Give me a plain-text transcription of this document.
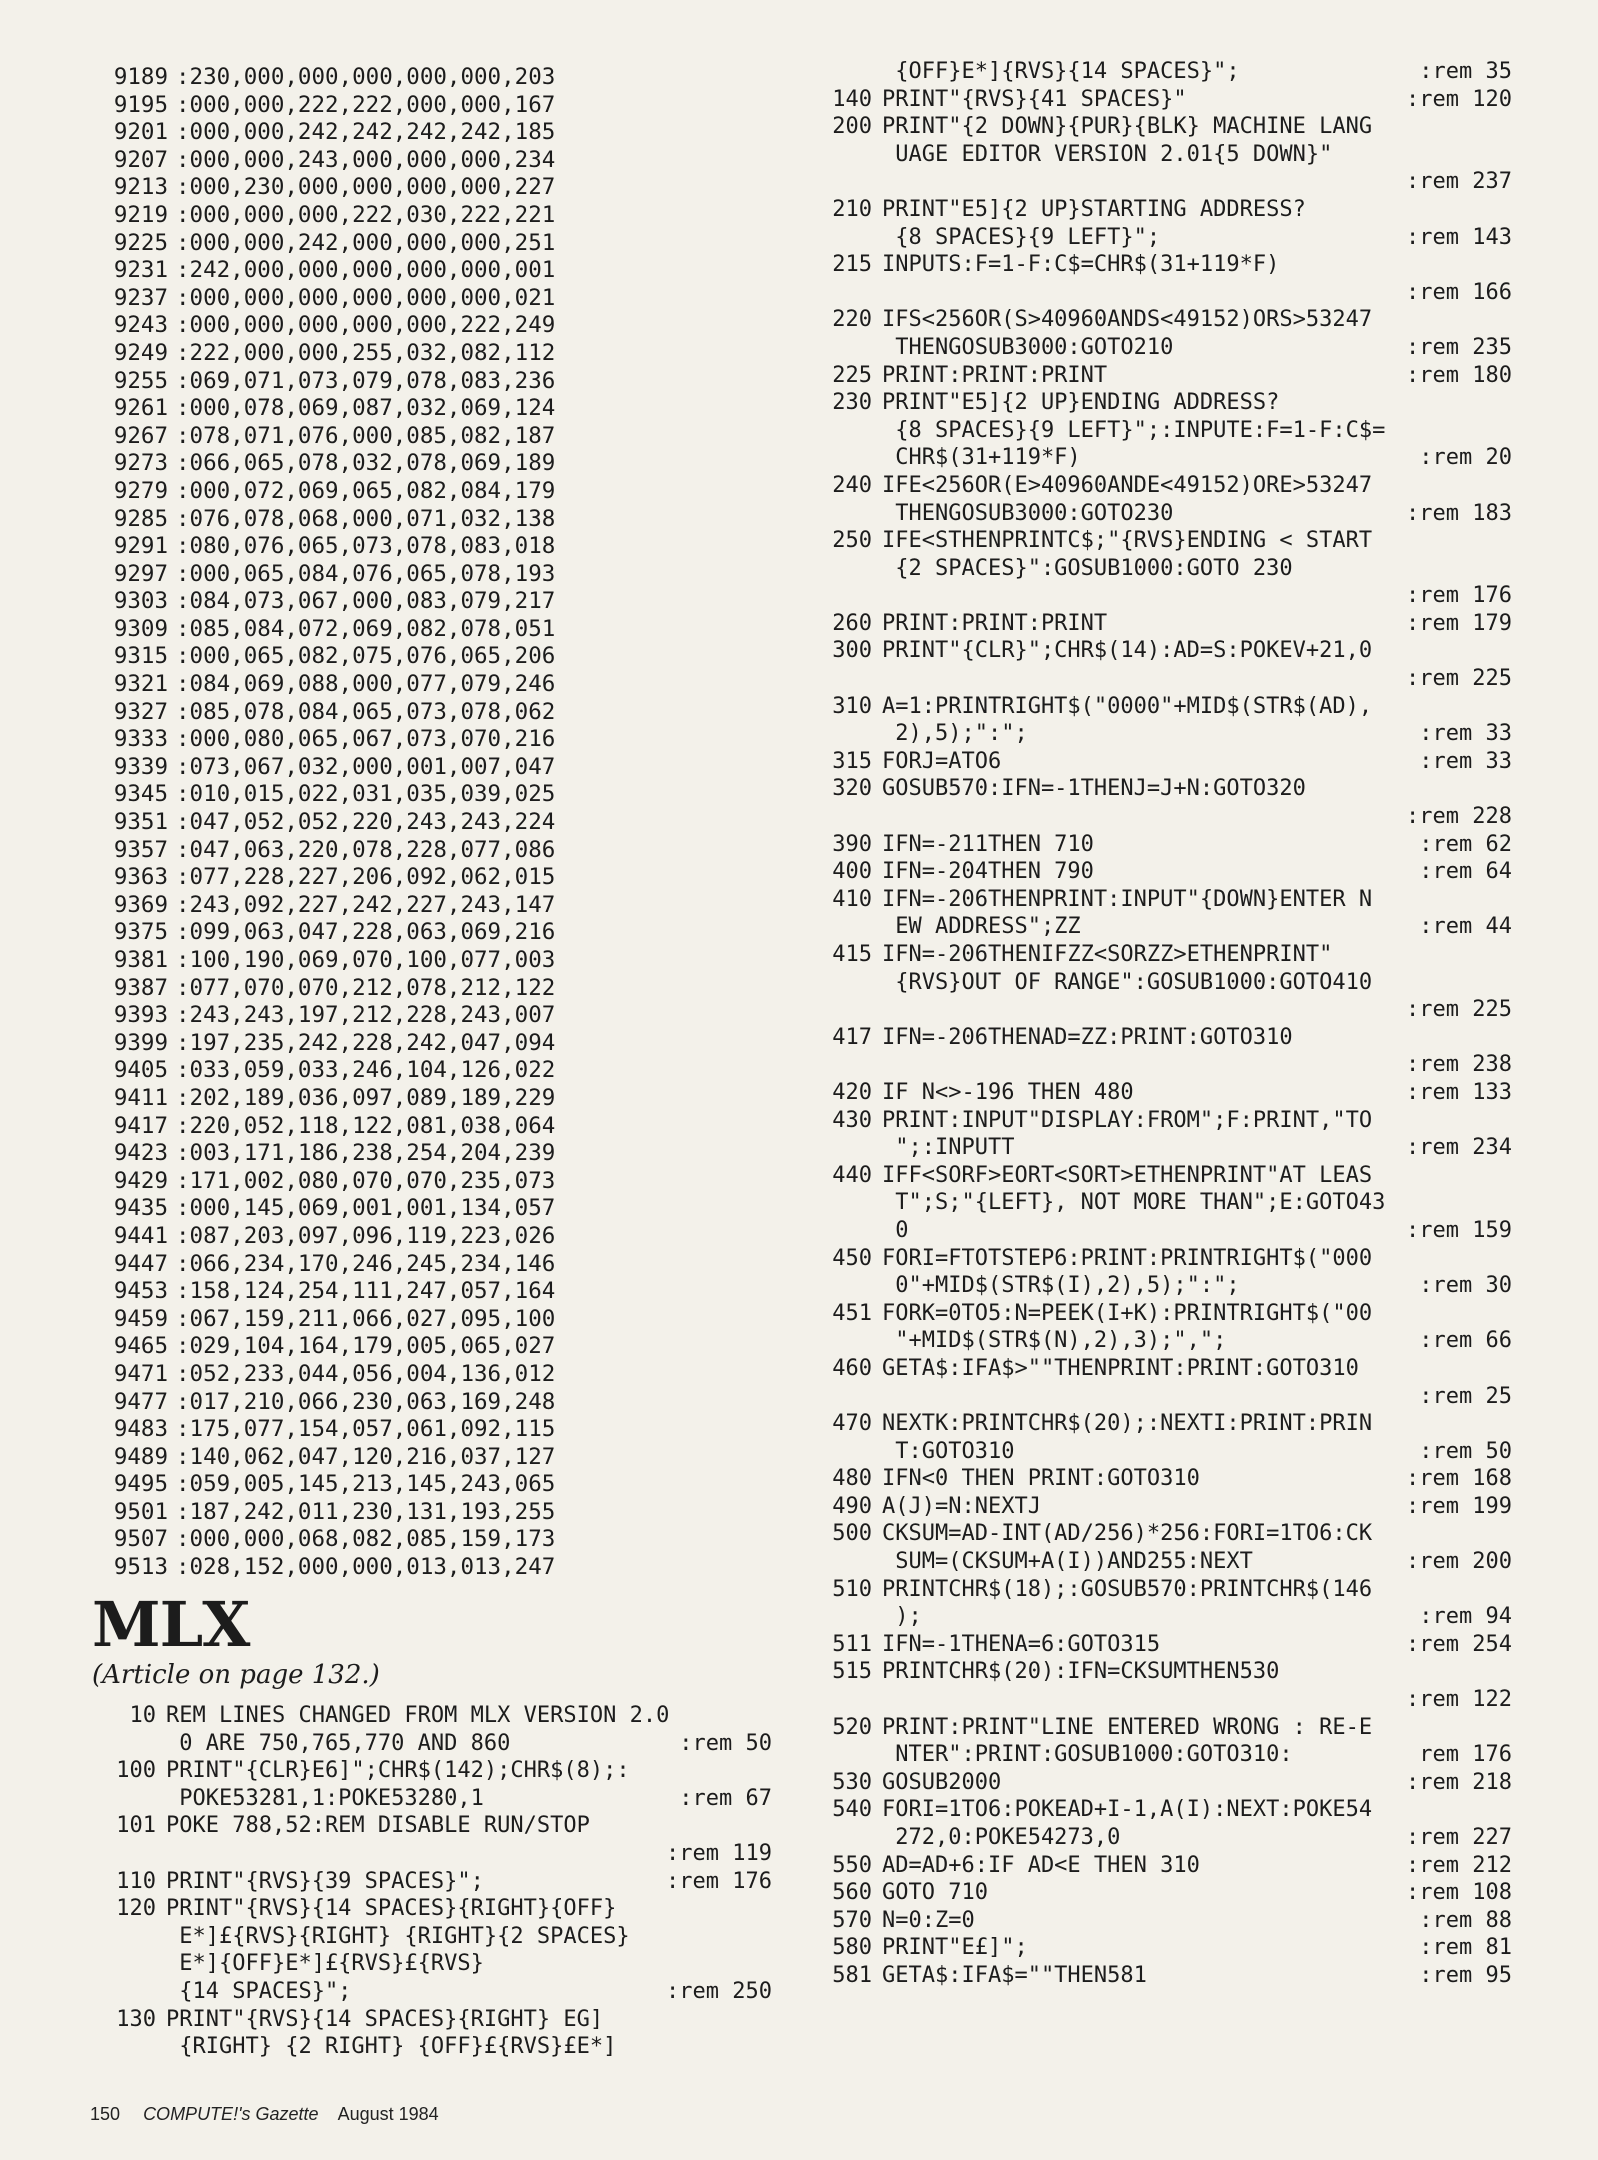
9189 :230,000,000,000,000,000,203
9195 :000,000,222,222,000,000,167
9201 :000,000,242,242,242,242,185
9207 :000,000,243,000,000,000,234
9213 :000,230,000,000,000,000,227
9219 :000,000,000,222,030,222,221
9225 :000,000,242,000,000,000,251
9231 :242,000,000,000,000,000,001
9237 :000,000,000,000,000,000,021
9243 :000,000,000,000,000,222,249
9249 :222,000,000,255,032,082,112
9255 :069,071,073,079,078,083,236
9261 :000,078,069,087,032,069,124
9267 :078,071,076,000,085,082,187
9273 :066,065,078,032,078,069,189
9279 :000,072,069,065,082,084,179
9285 :076,078,068,000,071,032,138
9291 :080,076,065,073,078,083,018
9297 :000,065,084,076,065,078,193
9303 :084,073,067,000,083,079,217
9309 :085,084,072,069,082,078,051
9315 :000,065,082,075,076,065,206
9321 :084,069,088,000,077,079,246
9327 :085,078,084,065,073,078,062
9333 :000,080,065,067,073,070,216
9339 :073,067,032,000,001,007,047
9345 :010,015,022,031,035,039,025
9351 :047,052,052,220,243,243,224
9357 :047,063,220,078,228,077,086
9363 :077,228,227,206,092,062,015
9369 :243,092,227,242,227,243,147
9375 :099,063,047,228,063,069,216
9381 :100,190,069,070,100,077,003
9387 :077,070,070,212,078,212,122
9393 :243,243,197,212,228,243,007
9399 :197,235,242,228,242,047,094
9405 :033,059,033,246,104,126,022
9411 :202,189,036,097,089,189,229
9417 :220,052,118,122,081,038,064
9423 :003,171,186,238,254,204,239
9429 :171,002,080,070,070,235,073
9435 :000,145,069,001,001,134,057
9441 :087,203,097,096,119,223,026
9447 :066,234,170,246,245,234,146
9453 :158,124,254,111,247,057,164
9459 :067,159,211,066,027,095,100
9465 :029,104,164,179,005,065,027
9471 :052,233,044,056,004,136,012
9477 :017,210,066,230,063,169,248
9483 :175,077,154,057,061,092,115
9489 :140,062,047,120,216,037,127
9495 :059,005,145,213,145,243,065
9501 :187,242,011,230,131,193,255
9507 :000,000,068,082,085,159,173
9513 :028,152,000,000,013,013,247
MLX
(Article on page 132.)
10 REM LINES CHANGED FROM MLX VERSION 2.0
0 ARE 750,765,770 AND 860	:rem 50
100 PRINT"{CLR}E6]";CHR$(142);CHR$(8);:
POKE53281,1:POKE53280,1	:rem 67
101 POKE 788,52:REM DISABLE RUN/STOP
:rem 119
110 PRINT"{RVS}{39 SPACES}";	:rem 176
120 PRINT"{RVS}{14 SPACES}{RIGHT}{OFF}
E*]£{RVS}{RIGHT} {RIGHT}{2 SPACES}
E*]{OFF}E*]£{RVS}£{RVS}
{14 SPACES}";	:rem 250
130 PRINT"{RVS}{14 SPACES}{RIGHT} EG]
{RIGHT} {2 RIGHT} {OFF}£{RVS}£E*]
{OFF}E*]{RVS}{14 SPACES}";	:rem 35
140 PRINT"{RVS}{41 SPACES}"	:rem 120
200 PRINT"{2 DOWN}{PUR}{BLK} MACHINE LANG
UAGE EDITOR VERSION 2.01{5 DOWN}"
:rem 237
210 PRINT"E5]{2 UP}STARTING ADDRESS?
{8 SPACES}{9 LEFT}";	:rem 143
215 INPUTS:F=1-F:C$=CHR$(31+119*F)
:rem 166
220 IFS<256OR(S>40960ANDS<49152)ORS>53247
THENGOSUB3000:GOTO210	:rem 235
225 PRINT:PRINT:PRINT	:rem 180
230 PRINT"E5]{2 UP}ENDING ADDRESS?
{8 SPACES}{9 LEFT}";:INPUTE:F=1-F:C$=
CHR$(31+119*F)	:rem 20
240 IFE<256OR(E>40960ANDE<49152)ORE>53247
THENGOSUB3000:GOTO230	:rem 183
250 IFE<STHENPRINTC$;"{RVS}ENDING < START
{2 SPACES}":GOSUB1000:GOTO 230
:rem 176
260 PRINT:PRINT:PRINT	:rem 179
300 PRINT"{CLR}";CHR$(14):AD=S:POKEV+21,0
:rem 225
310 A=1:PRINTRIGHT$("0000"+MID$(STR$(AD),
2),5);":";	:rem 33
315 FORJ=ATO6	:rem 33
320 GOSUB570:IFN=-1THENJ=J+N:GOTO320
:rem 228
390 IFN=-211THEN 710	:rem 62
400 IFN=-204THEN 790	:rem 64
410 IFN=-206THENPRINT:INPUT"{DOWN}ENTER N
EW ADDRESS";ZZ	:rem 44
415 IFN=-206THENIFZZ<SORZZ>ETHENPRINT"
{RVS}OUT OF RANGE":GOSUB1000:GOTO410
:rem 225
417 IFN=-206THENAD=ZZ:PRINT:GOTO310
:rem 238
420 IF N<>-196 THEN 480	:rem 133
430 PRINT:INPUT"DISPLAY:FROM";F:PRINT,"TO
";:INPUTT	:rem 234
440 IFF<SORF>EORT<SORT>ETHENPRINT"AT LEAS
T";S;"{LEFT}, NOT MORE THAN";E:GOTO43
0	:rem 159
450 FORI=FTOTSTEP6:PRINT:PRINTRIGHT$("000
0"+MID$(STR$(I),2),5);":";	:rem 30
451 FORK=0TO5:N=PEEK(I+K):PRINTRIGHT$("00
"+MID$(STR$(N),2),3);",";	:rem 66
460 GETA$:IFA$>""THENPRINT:PRINT:GOTO310
:rem 25
470 NEXTK:PRINTCHR$(20);:NEXTI:PRINT:PRIN
T:GOTO310	:rem 50
480 IFN<0 THEN PRINT:GOTO310	:rem 168
490 A(J)=N:NEXTJ	:rem 199
500 CKSUM=AD-INT(AD/256)*256:FORI=1TO6:CK
SUM=(CKSUM+A(I))AND255:NEXT	:rem 200
510 PRINTCHR$(18);:GOSUB570:PRINTCHR$(146
);	:rem 94
511 IFN=-1THENA=6:GOTO315	:rem 254
515 PRINTCHR$(20):IFN=CKSUMTHEN530
:rem 122
520 PRINT:PRINT"LINE ENTERED WRONG : RE-E
NTER":PRINT:GOSUB1000:GOTO310:	rem 176
530 GOSUB2000	:rem 218
540 FORI=1TO6:POKEAD+I-1,A(I):NEXT:POKE54
272,0:POKE54273,0	:rem 227
550 AD=AD+6:IF AD<E THEN 310	:rem 212
560 GOTO 710	:rem 108
570 N=0:Z=0	:rem 88
580 PRINT"E£]";	:rem 81
581 GETA$:IFA$=""THEN581	:rem 95
150 COMPUTE!'s Gazette August 1984
